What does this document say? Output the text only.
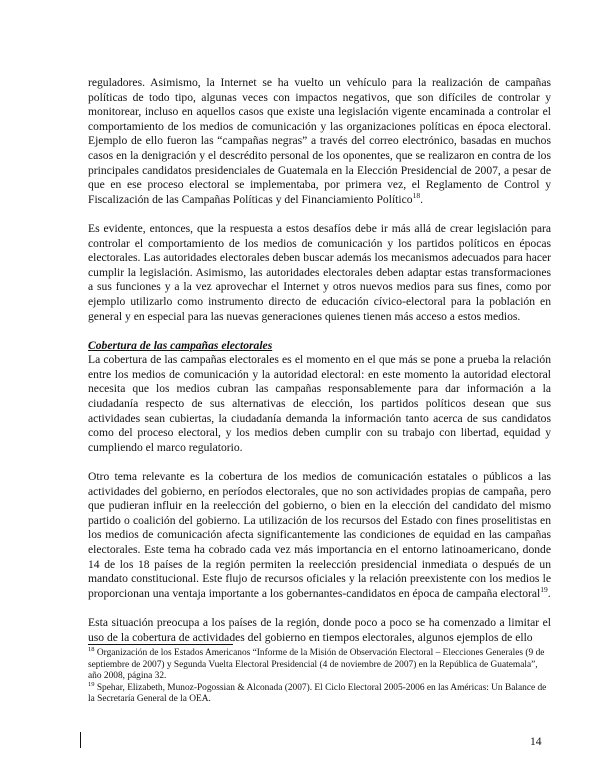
reguladores. Asimismo, la Internet se ha vuelto un vehículo para la realización de campañas políticas de todo tipo, algunas veces con impactos negativos, que son difíciles de controlar y monitorear, incluso en aquellos casos que existe una legislación vigente encaminada a controlar el comportamiento de los medios de comunicación y las organizaciones políticas en época electoral. Ejemplo de ello fueron las “campañas negras” a través del correo electrónico, basadas en muchos casos en la denigración y el descrédito personal de los oponentes, que se realizaron en contra de los principales candidatos presidenciales de Guatemala en la Elección Presidencial de 2007, a pesar de que en ese proceso electoral se implementaba, por primera vez, el Reglamento de Control y Fiscalización de las Campañas Políticas y del Financiamiento Político$^{18}$.

Es evidente, entonces, que la respuesta a estos desafíos debe ir más allá de crear legislación para controlar el comportamiento de los medios de comunicación y los partidos políticos en épocas electorales. Las autoridades electorales deben buscar además los mecanismos adecuados para hacer cumplir la legislación. Asimismo, las autoridades electorales deben adaptar estas transformaciones a sus funciones y a la vez aprovechar el Internet y otros nuevos medios para sus fines, como por ejemplo utilizarlo como instrumento directo de educación cívico-electoral para la población en general y en especial para las nuevas generaciones quienes tienen más acceso a estos medios.

Cobertura de las campañas electorales

La cobertura de las campañas electorales es el momento en el que más se pone a prueba la relación entre los medios de comunicación y la autoridad electoral: en este momento la autoridad electoral necesita que los medios cubran las campañas responsablemente para dar información a la ciudadanía respecto de sus alternativas de elección, los partidos políticos desean que sus actividades sean cubiertas, la ciudadanía demanda la información tanto acerca de sus candidatos como del proceso electoral, y los medios deben cumplir con su trabajo con libertad, equidad y cumpliendo el marco regulatorio.

Otro tema relevante es la cobertura de los medios de comunicación estatales o públicos a las actividades del gobierno, en períodos electorales, que no son actividades propias de campaña, pero que pudieran influir en la reelección del gobierno, o bien en la elección del candidato del mismo partido o coalición del gobierno. La utilización de los recursos del Estado con fines proselitistas en los medios de comunicación afecta significantemente las condiciones de equidad en las campañas electorales. Este tema ha cobrado cada vez más importancia en el entorno latinoamericano, donde 14 de los 18 países de la región permiten la reelección presidencial inmediata o después de un mandato constitucional. Este flujo de recursos oficiales y la relación preexistente con los medios le proporcionan una ventaja importante a los gobernantes-candidatos en época de campaña electoral$^{19}$.

Esta situación preocupa a los países de la región, donde poco a poco se ha comenzado a limitar el uso de la cobertura de actividades del gobierno en tiempos electorales, algunos ejemplos de ello

$^{18}$ Organización de los Estados Americanos “Informe de la Misión de Observación Electoral – Elecciones Generales (9 de septiembre de 2007) y Segunda Vuelta Electoral Presidencial (4 de noviembre de 2007) en la República de Guatemala”, año 2008, página 32.

$^{19}$ Spehar, Elizabeth, Munoz-Pogossian & Alconada (2007). El Ciclo Electoral 2005-2006 en las Américas: Un Balance de la Secretaría General de la OEA.

14
